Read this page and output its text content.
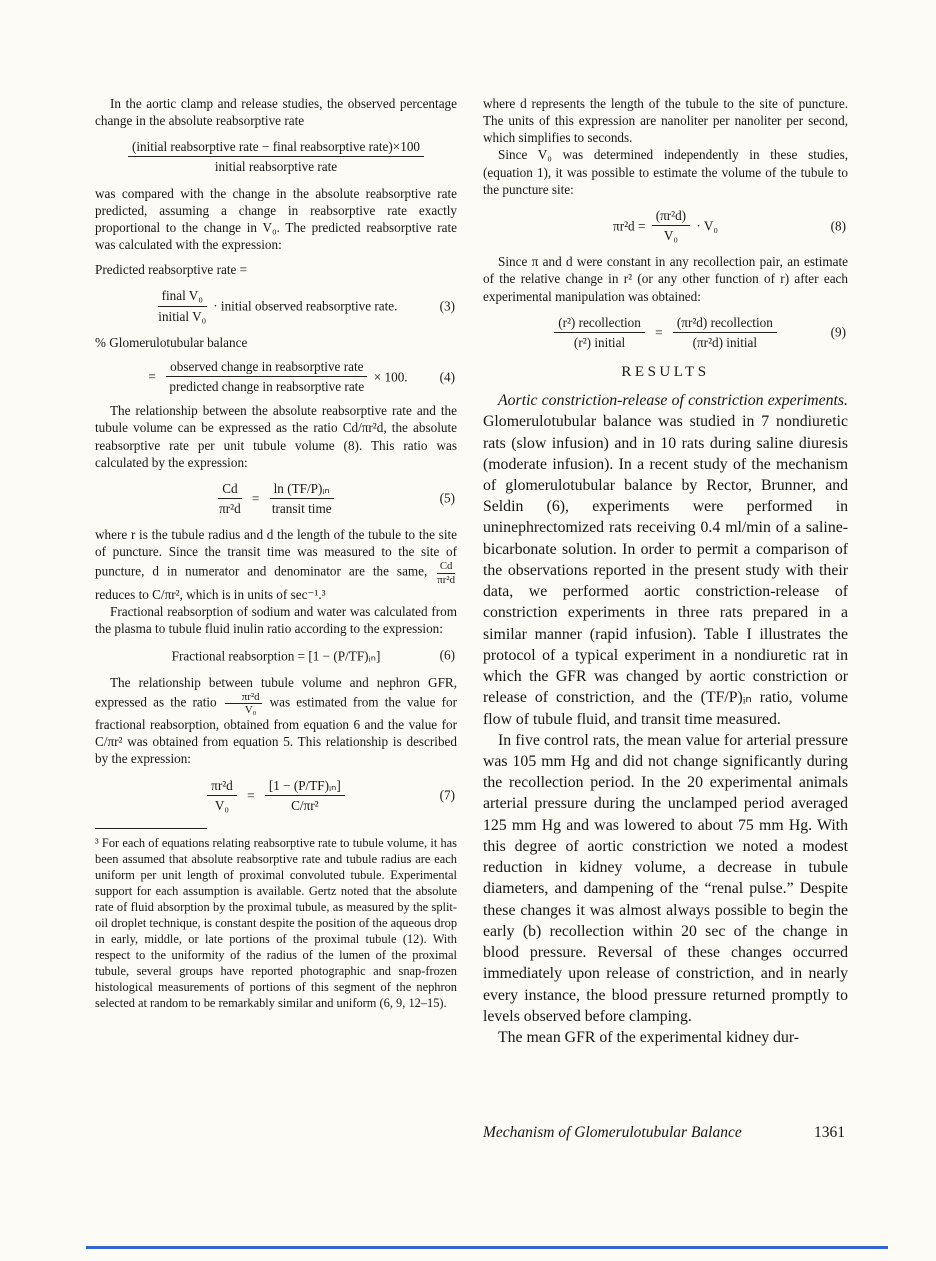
In the aortic clamp and release studies, the observed percentage change in the absolute reabsorptive rate

$\frac{\text{(initial reabsorptive rate − final reabsorptive rate)×100}}{\text{initial reabsorptive rate}}$

was compared with the change in the absolute reabsorptive rate predicted, assuming a change in reabsorptive rate exactly proportional to the change in V₀. The predicted reabsorptive rate was calculated with the expression:

Predicted reabsorptive rate =

$\frac{\text{final V₀}}{\text{initial V₀}}$ · initial observed reabsorptive rate.	(3)

% Glomerulotubular balance

= $\frac{\text{observed change in reabsorptive rate}}{\text{predicted change in reabsorptive rate}} \times 100$. (4)

The relationship between the absolute reabsorptive rate and the tubule volume can be expressed as the ratio Cd/πr²d, the absolute reabsorptive rate per unit tubule volume (8). This ratio was calculated by the expression:

$\frac{Cd}{\text{πr²d}} = \frac{\text{ln (TF/P)ᵢₙ}}{\text{transit time}}$	(5)

where r is the tubule radius and d the length of the tubule to the site of puncture. Since the transit time was measured to the site of puncture, d in numerator and denominator are the same, $\frac{Cd}{\text{πr²d}}$
reduces to C/πr², which is in units of sec⁻¹.³

Fractional reabsorption of sodium and water was calculated from the plasma to tubule fluid inulin ratio according to the expression:

Fractional reabsorption = [1 − (P/TF)ᵢₙ]	(6)

The relationship between tubule volume and nephron GFR, expressed as the ratio $\frac{\text{πr²d}}{\text{V₀}}$ was estimated from the value for fractional reabsorption, obtained from equation 6 and the value for C/πr² was obtained from equation 5. This relationship is described by the expression:

$\frac{\text{πr²d}}{\text{V₀}} = \frac{\text{[1 − (P/TF)ᵢₙ]}}{\text{C/πr²}}$	(7)

³ For each of equations relating reabsorptive rate to tubule volume, it has been assumed that absolute reabsorptive rate and tubule radius are each uniform per unit length of proximal convoluted tubule. Experimental support for each assumption is available. Gertz noted that the absolute rate of fluid absorption by the proximal tubule, as measured by the split-oil droplet technique, is constant despite the position of the aqueous drop in early, middle, or late portions of the proximal tubule (12). With respect to the uniformity of the radius of the lumen of the proximal tubule, several groups have reported photographic and snap-frozen histological measurements of portions of this segment of the nephron selected at random to be remarkably similar and uniform (6, 9, 12–15).

where d represents the length of the tubule to the site of puncture. The units of this expression are nanoliter per nanoliter per second, which simplifies to seconds.

Since V₀ was determined independently in these studies, (equation 1), it was possible to estimate the volume of the tubule to the puncture site:

$\pi r^2d = \frac{\text{(πr²d)}}{\text{V₀}} \cdot V_0$	(8)

Since π and d were constant in any recollection pair, an estimate of the relative change in r² (or any other function of r) after each experimental manipulation was obtained:

$\frac{\text{(r²) recollection}}{\text{(r²) initial}} = \frac{\text{(πr²d) recollection}}{\text{(πr²d) initial}}$	(9)
RESULTS

Aortic constriction-release of constriction experiments. Glomerulotubular balance was studied in 7 nondiuretic rats (slow infusion) and in 10 rats during saline diuresis (moderate infusion). In a recent study of the mechanism of glomerulotubular balance by Rector, Brunner, and Seldin (6), experiments were performed in uninephrectomized rats receiving 0.4 ml/min of a saline-bicarbonate solution. In order to permit a comparison of the observations reported in the present study with their data, we performed aortic constriction-release of constriction experiments in three rats prepared in a similar manner (rapid infusion). Table I illustrates the protocol of a typical experiment in a nondiuretic rat in which the GFR was changed by aortic constriction or release of constriction, and the (TF/P)ᵢₙ ratio, volume flow of tubule fluid, and transit time measured.

In five control rats, the mean value for arterial pressure was 105 mm Hg and did not change significantly during the recollection period. In the 20 experimental animals arterial pressure during the unclamped period averaged 125 mm Hg and was lowered to about 75 mm Hg. With this degree of aortic constriction we noted a modest reduction in kidney volume, a decrease in tubule diameters, and dampening of the “renal pulse.” Despite these changes it was almost always possible to begin the early (b) recollection within 20 sec of the change in blood pressure. Reversal of these changes occurred immediately upon release of constriction, and in nearly every instance, the blood pressure returned promptly to levels observed before clamping.

The mean GFR of the experimental kidney dur-

Mechanism of Glomerulotubular Balance	1361
